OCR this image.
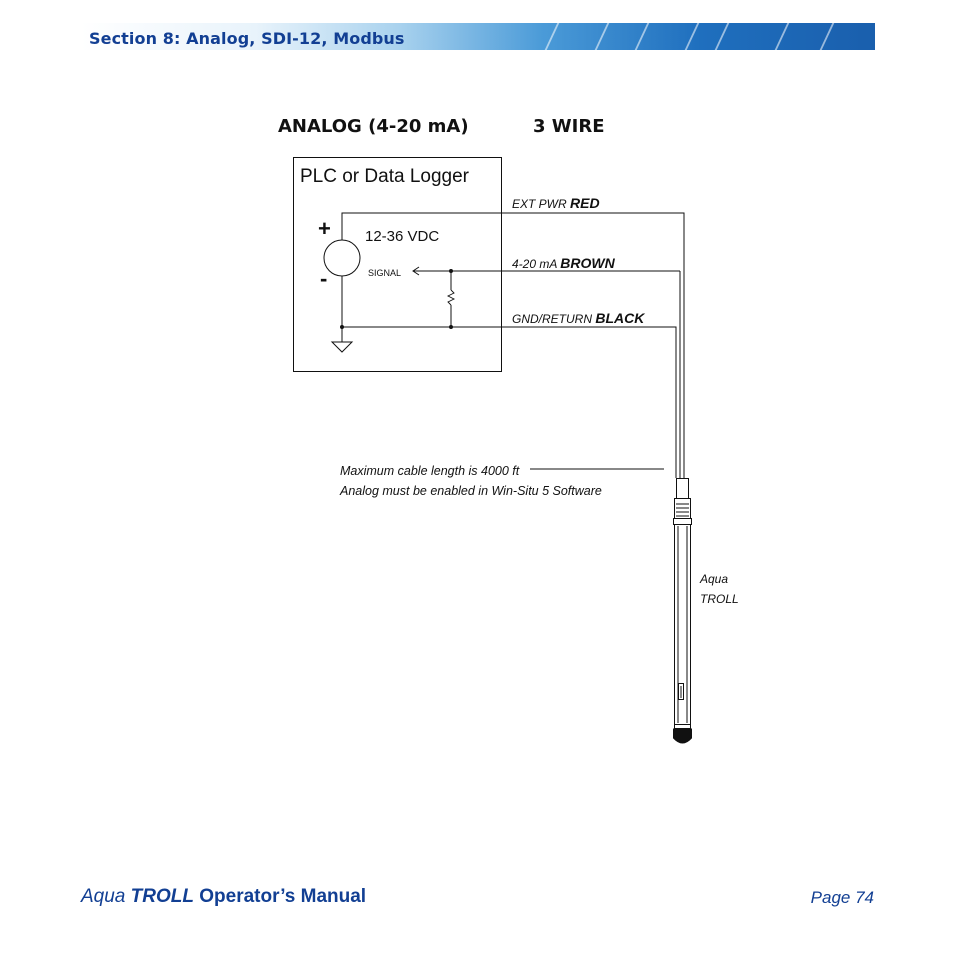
Section 8: Analog, SDI-12, Modbus
ANALOG (4-20 mA)	3 WIRE
PLC or Data Logger
+
-
12-36 VDC
SIGNAL
EXT PWR RED
4-20 mA BROWN
GND/RETURN BLACK
Maximum cable length is 4000 ft
Analog must be enabled in Win-Situ 5 Software
Aqua
TROLL
Aqua TROLL Operator’s Manual	Page 74
